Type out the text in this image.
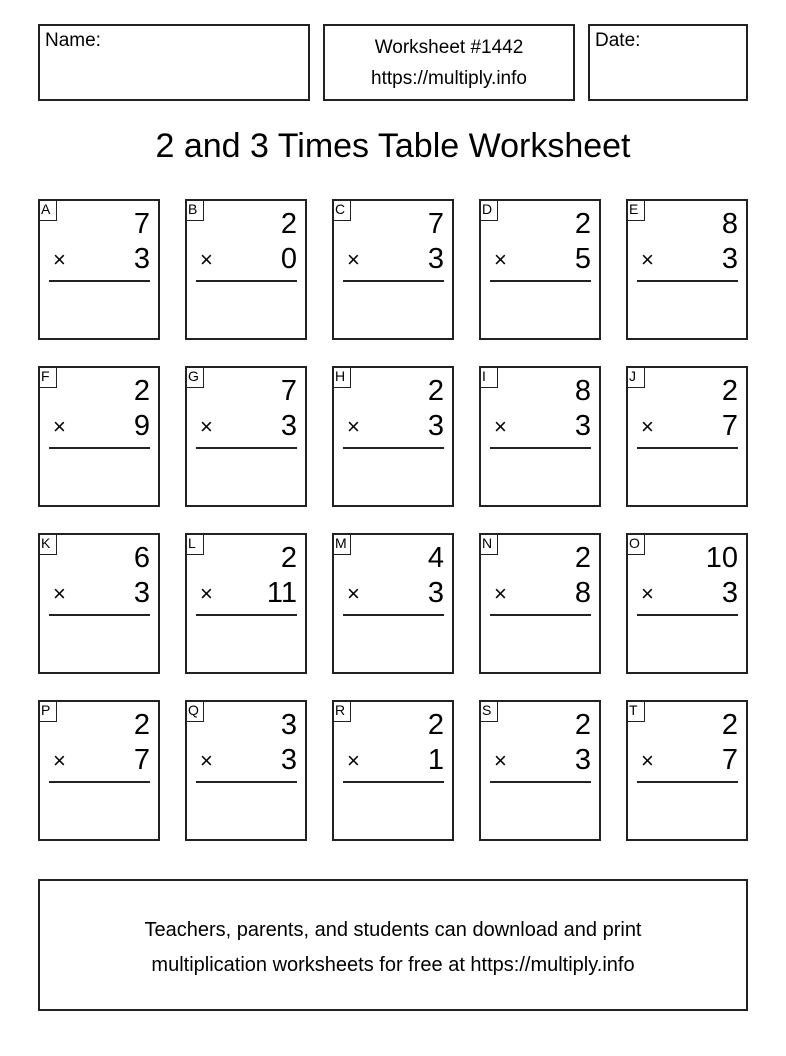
Name:	Worksheet #1442
https://multiply.info
Date:
2 and 3 Times Table Worksheet
A	7
× 3
B	2
× 0
C	7
× 3
D	2
× 5
E	8
× 3
F	2
× 9
G	7
× 3
H	2
× 3
I	8
× 3
J	2
× 7
K	6
× 3
L	2
× 11
M	4
× 3
N	2
× 8
O 10
× 3
P	2
× 7
Q	3
× 3
R	2
× 1
S	2
× 3
T	2
× 7
Teachers, parents, and students can download and print
multiplication worksheets for free at https://multiply.info
